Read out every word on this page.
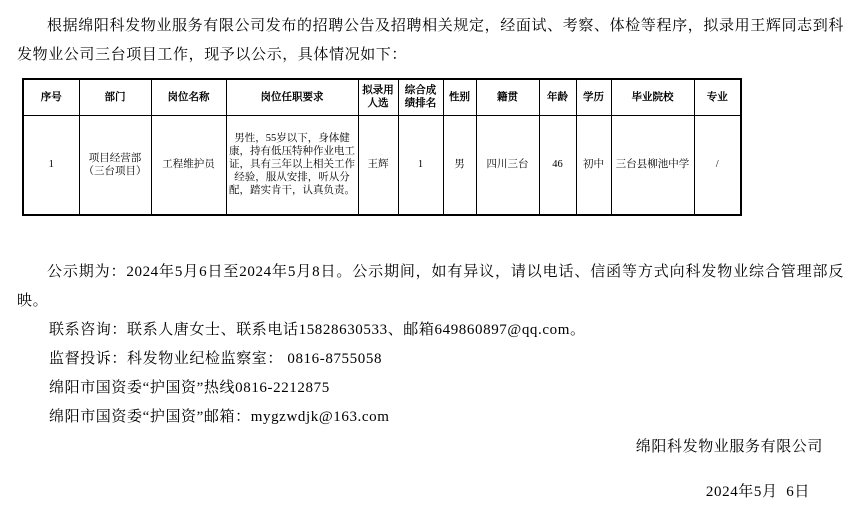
根据绵阳科发物业服务有限公司发布的招聘公告及招聘相关规定，经面试、考察、体检等程序，拟录用王辉同志到科发物业公司三台项目工作，现予以公示，具体情况如下：

序号	部门	岗位名称	岗位任职要求	拟录用人选	综合成绩排名	性别	籍贯	年龄	学历	毕业院校	专业
1	项目经营部（三台项目）	工程维护员	男性，55岁以下，身体健康，持有低压特种作业电工证，具有三年以上相关工作经验，服从安排，听从分配，踏实肯干，认真负责。	王辉	1	男	四川三台	46	初中	三台县柳池中学	/

公示期为：2024年5月6日至2024年5月8日。公示期间，如有异议，请以电话、信函等方式向科发物业综合管理部反映。

联系咨询：联系人唐女士、联系电话15828630533、邮箱649860897@qq.com。

监督投诉：科发物业纪检监察室： 0816-8755058

绵阳市国资委“护国资”热线0816-2212875

绵阳市国资委“护国资”邮箱：mygzwdjk@163.com

绵阳科发物业服务有限公司

2024年5月  6日
